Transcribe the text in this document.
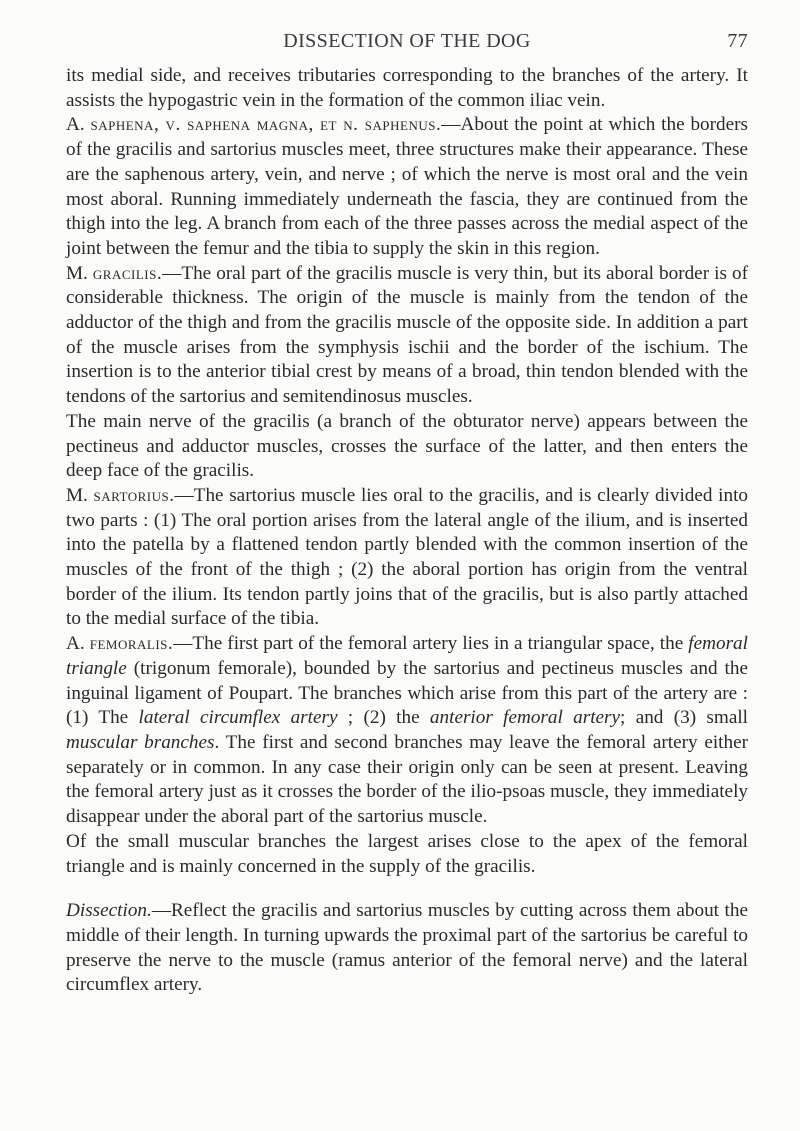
DISSECTION OF THE DOG	77

its medial side, and receives tributaries corresponding to the branches of the artery. It assists the hypogastric vein in the formation of the common iliac vein.

A. saphena, v. saphena magna, et n. saphenus.—About the point at which the borders of the gracilis and sartorius muscles meet, three structures make their appearance. These are the saphenous artery, vein, and nerve ; of which the nerve is most oral and the vein most aboral. Running immediately underneath the fascia, they are continued from the thigh into the leg. A branch from each of the three passes across the medial aspect of the joint between the femur and the tibia to supply the skin in this region.

M. gracilis.—The oral part of the gracilis muscle is very thin, but its aboral border is of considerable thickness. The origin of the muscle is mainly from the tendon of the adductor of the thigh and from the gracilis muscle of the opposite side. In addition a part of the muscle arises from the symphysis ischii and the border of the ischium. The insertion is to the anterior tibial crest by means of a broad, thin tendon blended with the tendons of the sartorius and semitendinosus muscles.

The main nerve of the gracilis (a branch of the obturator nerve) appears between the pectineus and adductor muscles, crosses the surface of the latter, and then enters the deep face of the gracilis.

M. sartorius.—The sartorius muscle lies oral to the gracilis, and is clearly divided into two parts : (1) The oral portion arises from the lateral angle of the ilium, and is inserted into the patella by a flattened tendon partly blended with the common insertion of the muscles of the front of the thigh ; (2) the aboral portion has origin from the ventral border of the ilium. Its tendon partly joins that of the gracilis, but is also partly attached to the medial surface of the tibia.

A. femoralis.—The first part of the femoral artery lies in a triangular space, the femoral triangle (trigonum femorale), bounded by the sartorius and pectineus muscles and the inguinal ligament of Poupart. The branches which arise from this part of the artery are : (1) The lateral circumflex artery ; (2) the anterior femoral artery; and (3) small muscular branches. The first and second branches may leave the femoral artery either separately or in common. In any case their origin only can be seen at present. Leaving the femoral artery just as it crosses the border of the ilio-psoas muscle, they immediately disappear under the aboral part of the sartorius muscle.

Of the small muscular branches the largest arises close to the apex of the femoral triangle and is mainly concerned in the supply of the gracilis.

Dissection.—Reflect the gracilis and sartorius muscles by cutting across them about the middle of their length. In turning upwards the proximal part of the sartorius be careful to preserve the nerve to the muscle (ramus anterior of the femoral nerve) and the lateral circumflex artery.
